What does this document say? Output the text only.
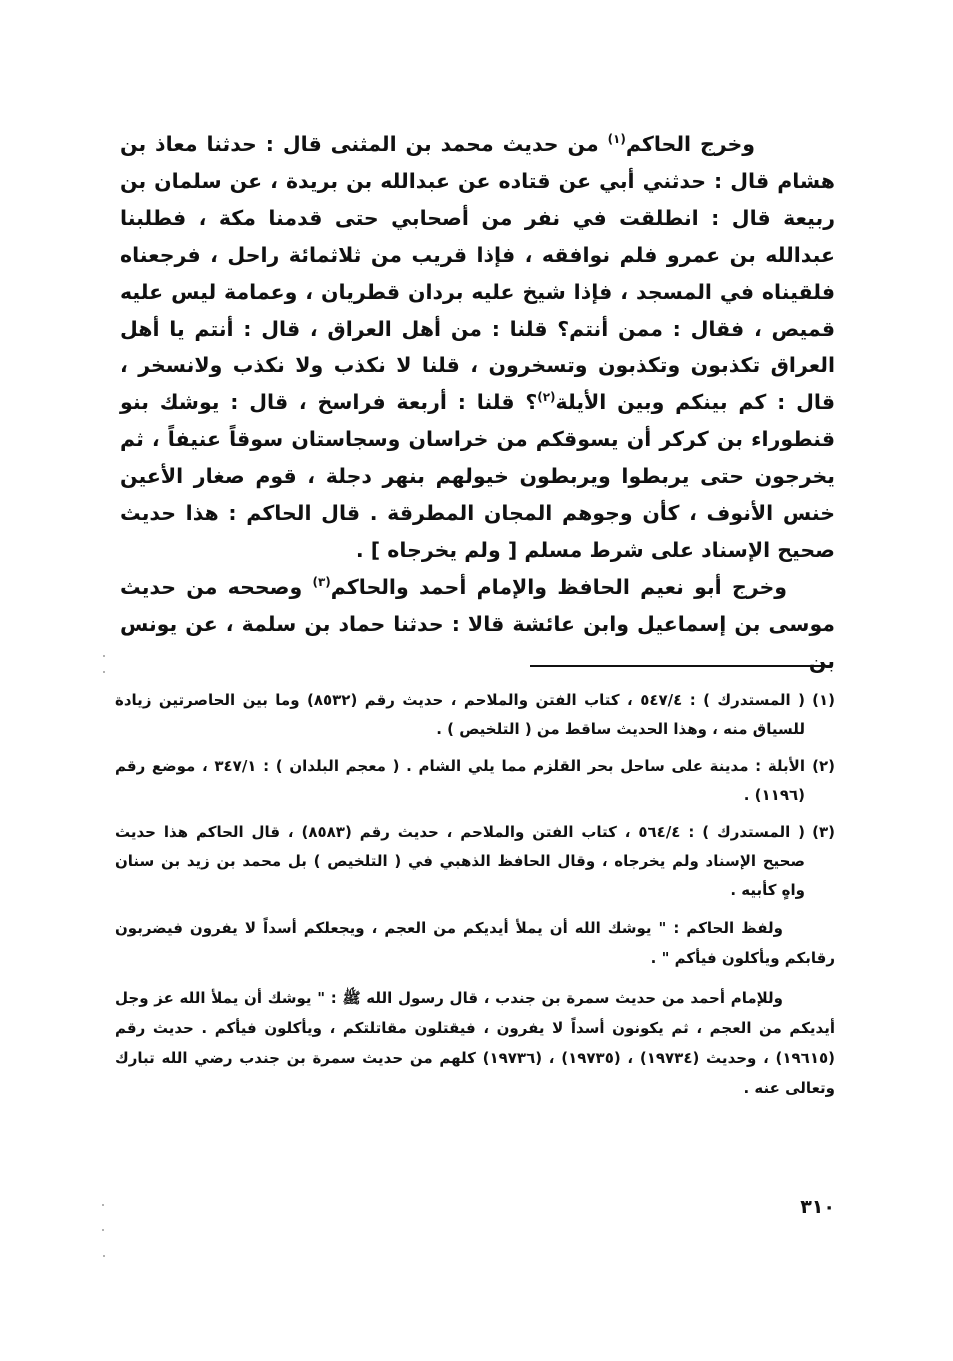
وخرج الحاكم$^{(١)}$ من حديث محمد بن المثنى قال : حدثنا معاذ بن هشام قال : حدثني أبي عن قتاده عن عبدالله بن بريدة ، عن سلمان بن ربيعة قال : انطلقت في نفر من أصحابي حتى قدمنا مكة ، فطلبنا عبدالله بن عمرو فلم نوافقه ، فإذا قريب من ثلاثمائة راحل ، فرجعناه فلقيناه في المسجد ، فإذا شيخ عليه بردان قطريان ، وعمامة ليس عليه قميص ، فقال : ممن أنتم؟ قلنا : من أهل العراق ، قال : أنتم يا أهل العراق تكذبون وتكذبون وتسخرون ، قلنا لا نكذب ولا نكذب ولانسخر ، قال : كم بينكم وبين الأيلة$^{(٢)}$؟ قلنا : أربعة فراسخ ، قال : يوشك بنو قنطوراء بن كركر أن يسوقكم من خراسان وسجاستان سوقاً عنيفاً ، ثم يخرجون حتى يربطوا ويربطون خيولهم بنهر دجلة ، قوم صغار الأعين خنس الأنوف ، كأن وجوهم المجان المطرقة . قال الحاكم : هذا حديث صحيح الإسناد على شرط مسلم [ ولم يخرجاه ] .

وخرج أبو نعيم الحافظ والإمام أحمد والحاكم$^{(٣)}$ وصححه من حديث موسى بن إسماعيل وابن عائشة قالا : حدثنا حماد بن سلمة ، عن يونس بن

(١)
( المستدرك ) : ٥٤٧/٤ ، كتاب الفتن والملاحم ، حديث رقم (٨٥٣٢) وما بين الحاصرتين زيادة للسياق منه ، وهذا الحديث ساقط من ( التلخيص ) .

(٢)
الأبلة : مدينة على ساحل بحر القلزم مما يلي الشام . ( معجم البلدان ) : ٣٤٧/١ ، موضع رقم (١١٩٦) .

(٣)
( المستدرك ) : ٥٦٤/٤ ، كتاب الفتن والملاحم ، حديث رقم (٨٥٨٣) ، قال الحاكم هذا حديث صحيح الإسناد ولم يخرجاه ، وقال الحافظ الذهبي في ( التلخيص ) بل محمد بن زيد بن سنان واهٍ كأبيه .

ولفظ الحاكم : " يوشك الله أن يملأ أيديكم من العجم ، ويجعلكم أسداً لا يفرون فيضربون رقابكم ويأكلون فيأكم " .

وللإمام أحمد من حديث سمرة بن جندب ، قال رسول الله ﷺ : " يوشك أن يملأ الله عز وجل أيديكم من العجم ، ثم يكونون أسداً لا يفرون ، فيقتلون مقاتلتكم ، ويأكلون فيأكم . حديث رقم (١٩٦١٥) ، وحديث (١٩٧٣٤) ، (١٩٧٣٥) ، (١٩٧٣٦) كلهم من حديث سمرة بن جندب رضي الله تبارك وتعالى عنه .

٣١٠
